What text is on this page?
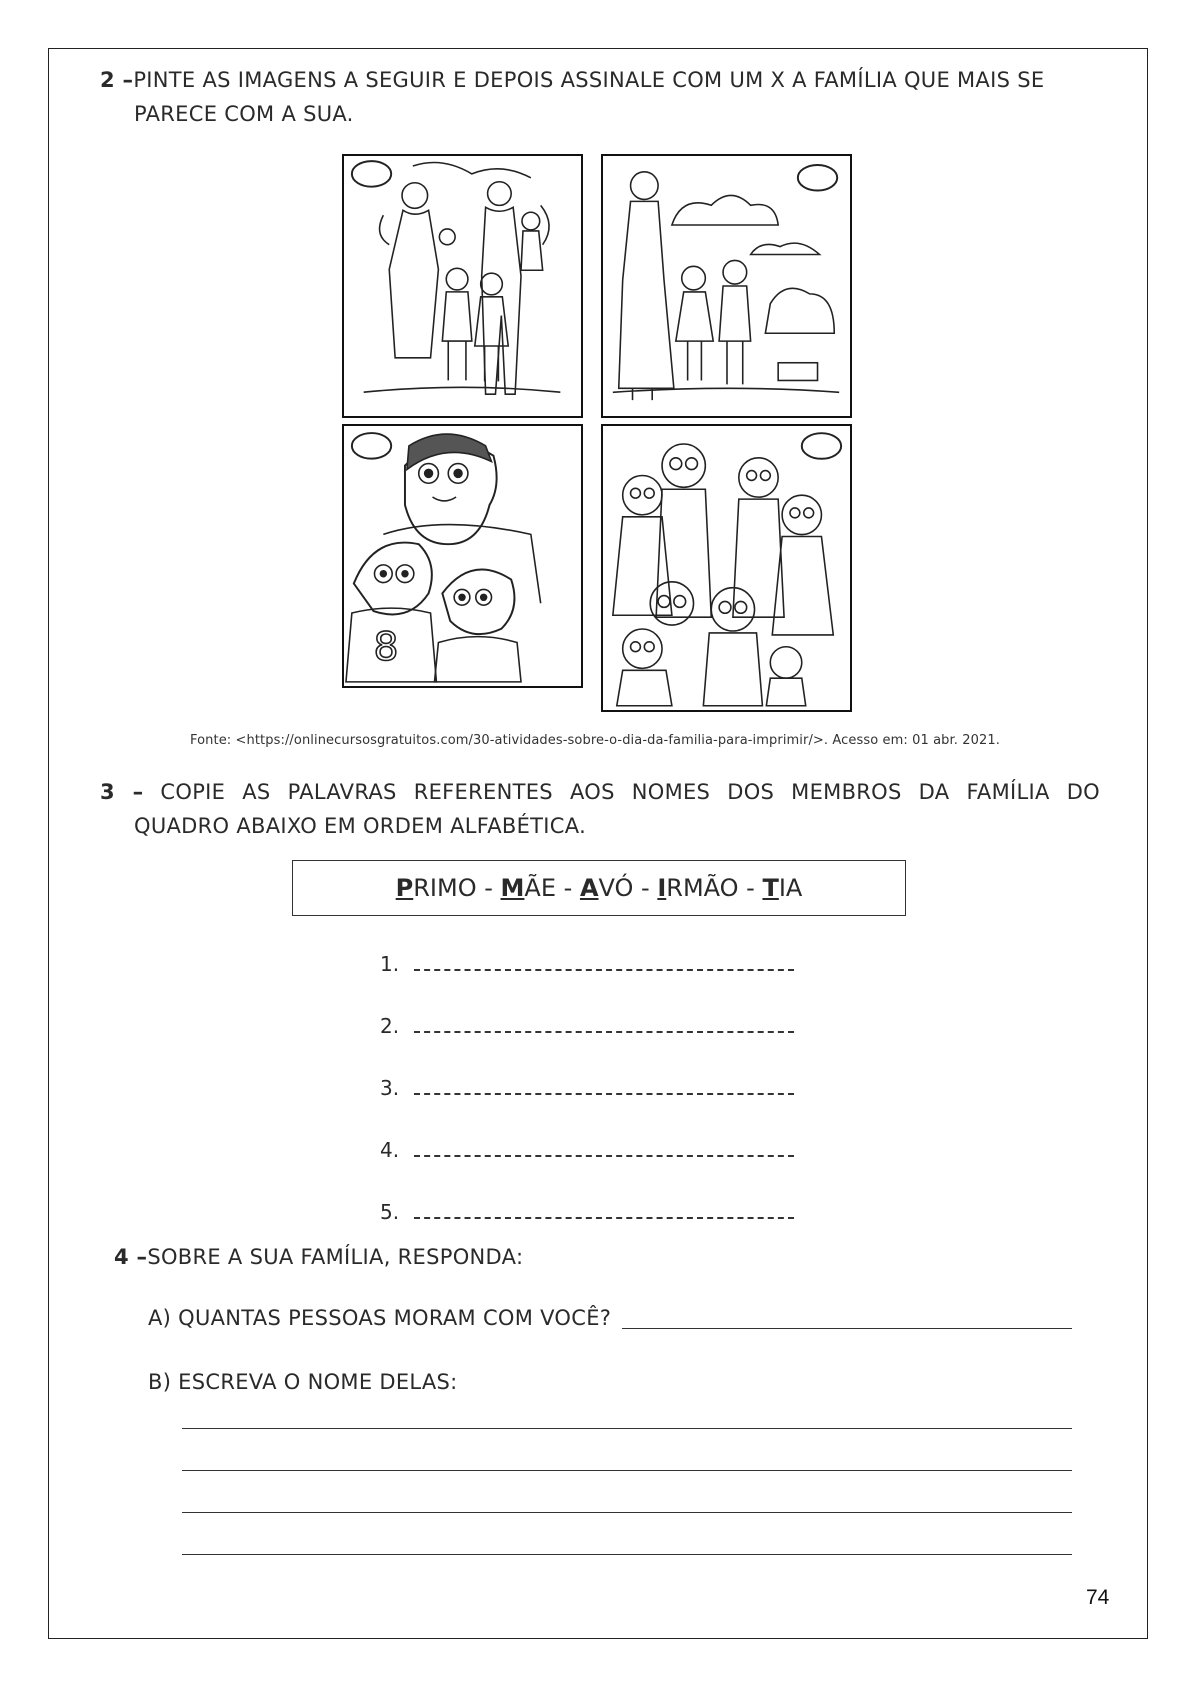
2 –PINTE AS IMAGENS A SEGUIR E DEPOIS ASSINALE COM UM X A FAMÍLIA QUE MAIS SE
PARECE COM A SUA.
8
Fonte: <https://onlinecursosgratuitos.com/30-atividades-sobre-o-dia-da-familia-para-imprimir/>. Acesso em: 01 abr. 2021.
3 – COPIE AS PALAVRAS REFERENTES AOS NOMES DOS MEMBROS DA FAMÍLIA DO
QUADRO ABAIXO EM ORDEM ALFABÉTICA.
PRIMO - MÃE - AVÓ - IRMÃO - TIA
1.
2.
3.
4.
5.
4 –SOBRE A SUA FAMÍLIA, RESPONDA:
A) QUANTAS PESSOAS MORAM COM VOCÊ?
B) ESCREVA O NOME DELAS:
74
